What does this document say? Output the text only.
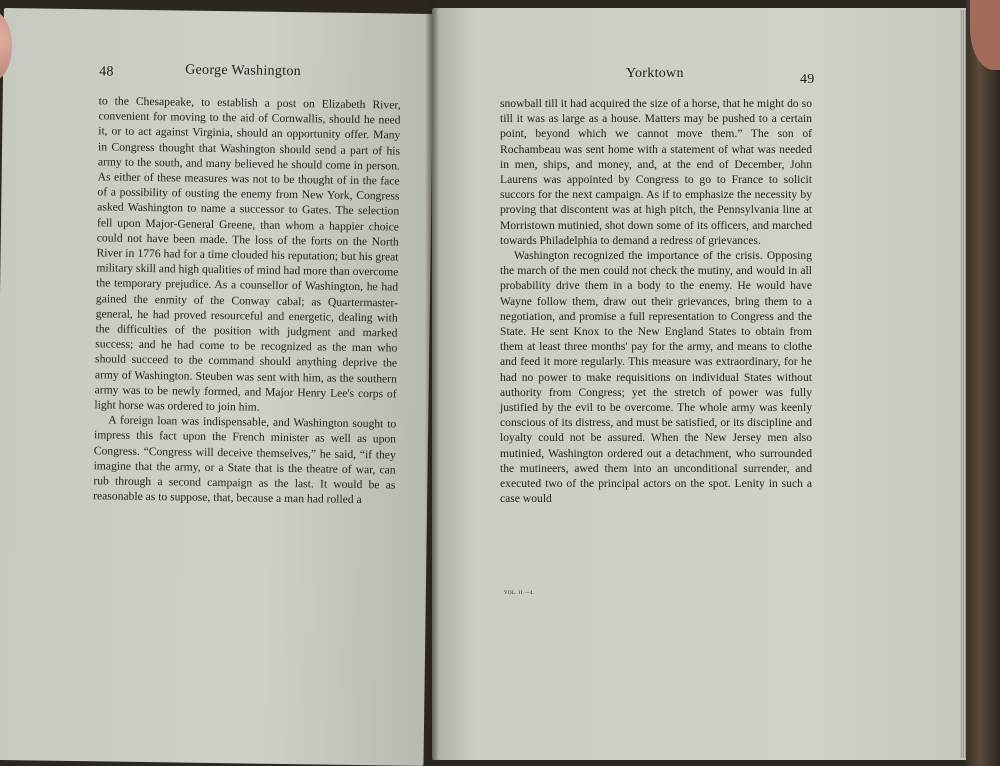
48	George Washington

to the Chesapeake, to establish a post on Elizabeth River, convenient for moving to the aid of Cornwallis, should he need it, or to act against Virginia, should an opportunity offer. Many in Congress thought that Washington should send a part of his army to the south, and many believed he should come in person. As either of these measures was not to be thought of in the face of a possibility of ousting the enemy from New York, Congress asked Washington to name a successor to Gates. The selection fell upon Major-General Greene, than whom a happier choice could not have been made. The loss of the forts on the North River in 1776 had for a time clouded his reputation; but his great military skill and high qualities of mind had more than overcome the temporary prejudice. As a counsellor of Washington, he had gained the enmity of the Conway cabal; as Quartermaster-general, he had proved resourceful and energetic, dealing with the difficulties of the position with judgment and marked success; and he had come to be recognized as the man who should succeed to the command should anything deprive the army of Washington. Steuben was sent with him, as the southern army was to be newly formed, and Major Henry Lee's corps of light horse was ordered to join him.

A foreign loan was indispensable, and Washington sought to impress this fact upon the French minister as well as upon Congress. “Congress will deceive themselves,” he said, “if they imagine that the army, or a State that is the theatre of war, can rub through a second campaign as the last. It would be as reasonable as to suppose, that, because a man had rolled a

Yorktown	49

snowball till it had acquired the size of a horse, that he might do so till it was as large as a house. Matters may be pushed to a certain point, beyond which we cannot move them.” The son of Rochambeau was sent home with a statement of what was needed in men, ships, and money, and, at the end of December, John Laurens was appointed by Congress to go to France to solicit succors for the next campaign. As if to emphasize the necessity by proving that discontent was at high pitch, the Pennsylvania line at Morristown mutinied, shot down some of its officers, and marched towards Philadelphia to demand a redress of grievances.

Washington recognized the importance of the crisis. Opposing the march of the men could not check the mutiny, and would in all probability drive them in a body to the enemy. He would have Wayne follow them, draw out their grievances, bring them to a negotiation, and promise a full representation to Congress and the State. He sent Knox to the New England States to obtain from them at least three months' pay for the army, and means to clothe and feed it more regularly. This measure was extraordinary, for he had no power to make requisitions on individual States without authority from Congress; yet the stretch of power was fully justified by the evil to be overcome. The whole army was keenly conscious of its distress, and must be satisfied, or its discipline and loyalty could not be assured. When the New Jersey men also mutinied, Washington ordered out a detachment, who surrounded the mutineers, awed them into an unconditional surrender, and executed two of the principal actors on the spot. Lenity in such a case would

VOL. II.—4.
